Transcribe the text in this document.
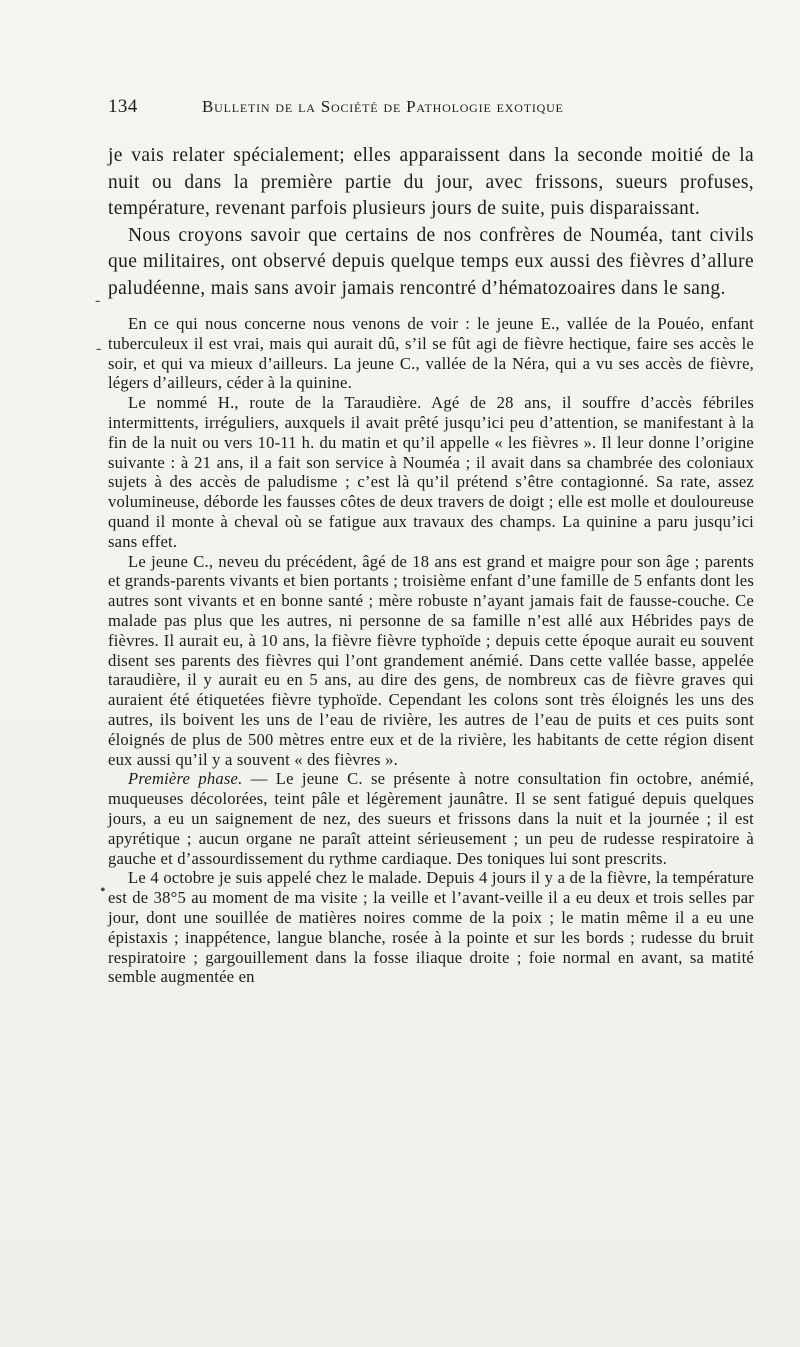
134	Bulletin de la Société de Pathologie exotique
-
-
•

je vais relater spécialement; elles apparaissent dans la seconde moitié de la nuit ou dans la première partie du jour, avec frissons, sueurs profuses, température, revenant parfois plusieurs jours de suite, puis disparaissant.

Nous croyons savoir que certains de nos confrères de Nouméa, tant civils que militaires, ont observé depuis quelque temps eux aussi des fièvres d’allure paludéenne, mais sans avoir jamais rencontré d’hématozoaires dans le sang.

En ce qui nous concerne nous venons de voir : le jeune E., vallée de la Pouéo, enfant tuberculeux il est vrai, mais qui aurait dû, s’il se fût agi de fièvre hectique, faire ses accès le soir, et qui va mieux d’ailleurs. La jeune C., vallée de la Néra, qui a vu ses accès de fièvre, légers d’ailleurs, céder à la quinine.

Le nommé H., route de la Taraudière. Agé de 28 ans, il souffre d’accès fébriles intermittents, irréguliers, auxquels il avait prêté jusqu’ici peu d’attention, se manifestant à la fin de la nuit ou vers 10-11 h. du matin et qu’il appelle « les fièvres ». Il leur donne l’origine suivante : à 21 ans, il a fait son service à Nouméa ; il avait dans sa chambrée des coloniaux sujets à des accès de paludisme ; c’est là qu’il prétend s’être contagionné. Sa rate, assez volumineuse, déborde les fausses côtes de deux travers de doigt ; elle est molle et douloureuse quand il monte à cheval où se fatigue aux travaux des champs. La quinine a paru jusqu’ici sans effet.

Le jeune C., neveu du précédent, âgé de 18 ans est grand et maigre pour son âge ; parents et grands-parents vivants et bien portants ; troisième enfant d’une famille de 5 enfants dont les autres sont vivants et en bonne santé ; mère robuste n’ayant jamais fait de fausse-couche. Ce malade pas plus que les autres, ni personne de sa famille n’est allé aux Hébrides pays de fièvres. Il aurait eu, à 10 ans, la fièvre fièvre typhoïde ; depuis cette époque aurait eu souvent disent ses parents des fièvres qui l’ont grandement anémié. Dans cette vallée basse, appelée taraudière, il y aurait eu en 5 ans, au dire des gens, de nombreux cas de fièvre graves qui auraient été étiquetées fièvre typhoïde. Cependant les colons sont très éloignés les uns des autres, ils boivent les uns de l’eau de rivière, les autres de l’eau de puits et ces puits sont éloignés de plus de 500 mètres entre eux et de la rivière, les habitants de cette région disent eux aussi qu’il y a souvent « des fièvres ».

Première phase. — Le jeune C. se présente à notre consultation fin octobre, anémié, muqueuses décolorées, teint pâle et légèrement jaunâtre. Il se sent fatigué depuis quelques jours, a eu un saignement de nez, des sueurs et frissons dans la nuit et la journée ; il est apyrétique ; aucun organe ne paraît atteint sérieusement ; un peu de rudesse respiratoire à gauche et d’assourdissement du rythme cardiaque. Des toniques lui sont prescrits.

Le 4 octobre je suis appelé chez le malade. Depuis 4 jours il y a de la fièvre, la température est de 38°5 au moment de ma visite ; la veille et l’avant-veille il a eu deux et trois selles par jour, dont une souillée de matières noires comme de la poix ; le matin même il a eu une épistaxis ; inappétence, langue blanche, rosée à la pointe et sur les bords ; rudesse du bruit respiratoire ; gargouillement dans la fosse iliaque droite ; foie normal en avant, sa matité semble augmentée en
